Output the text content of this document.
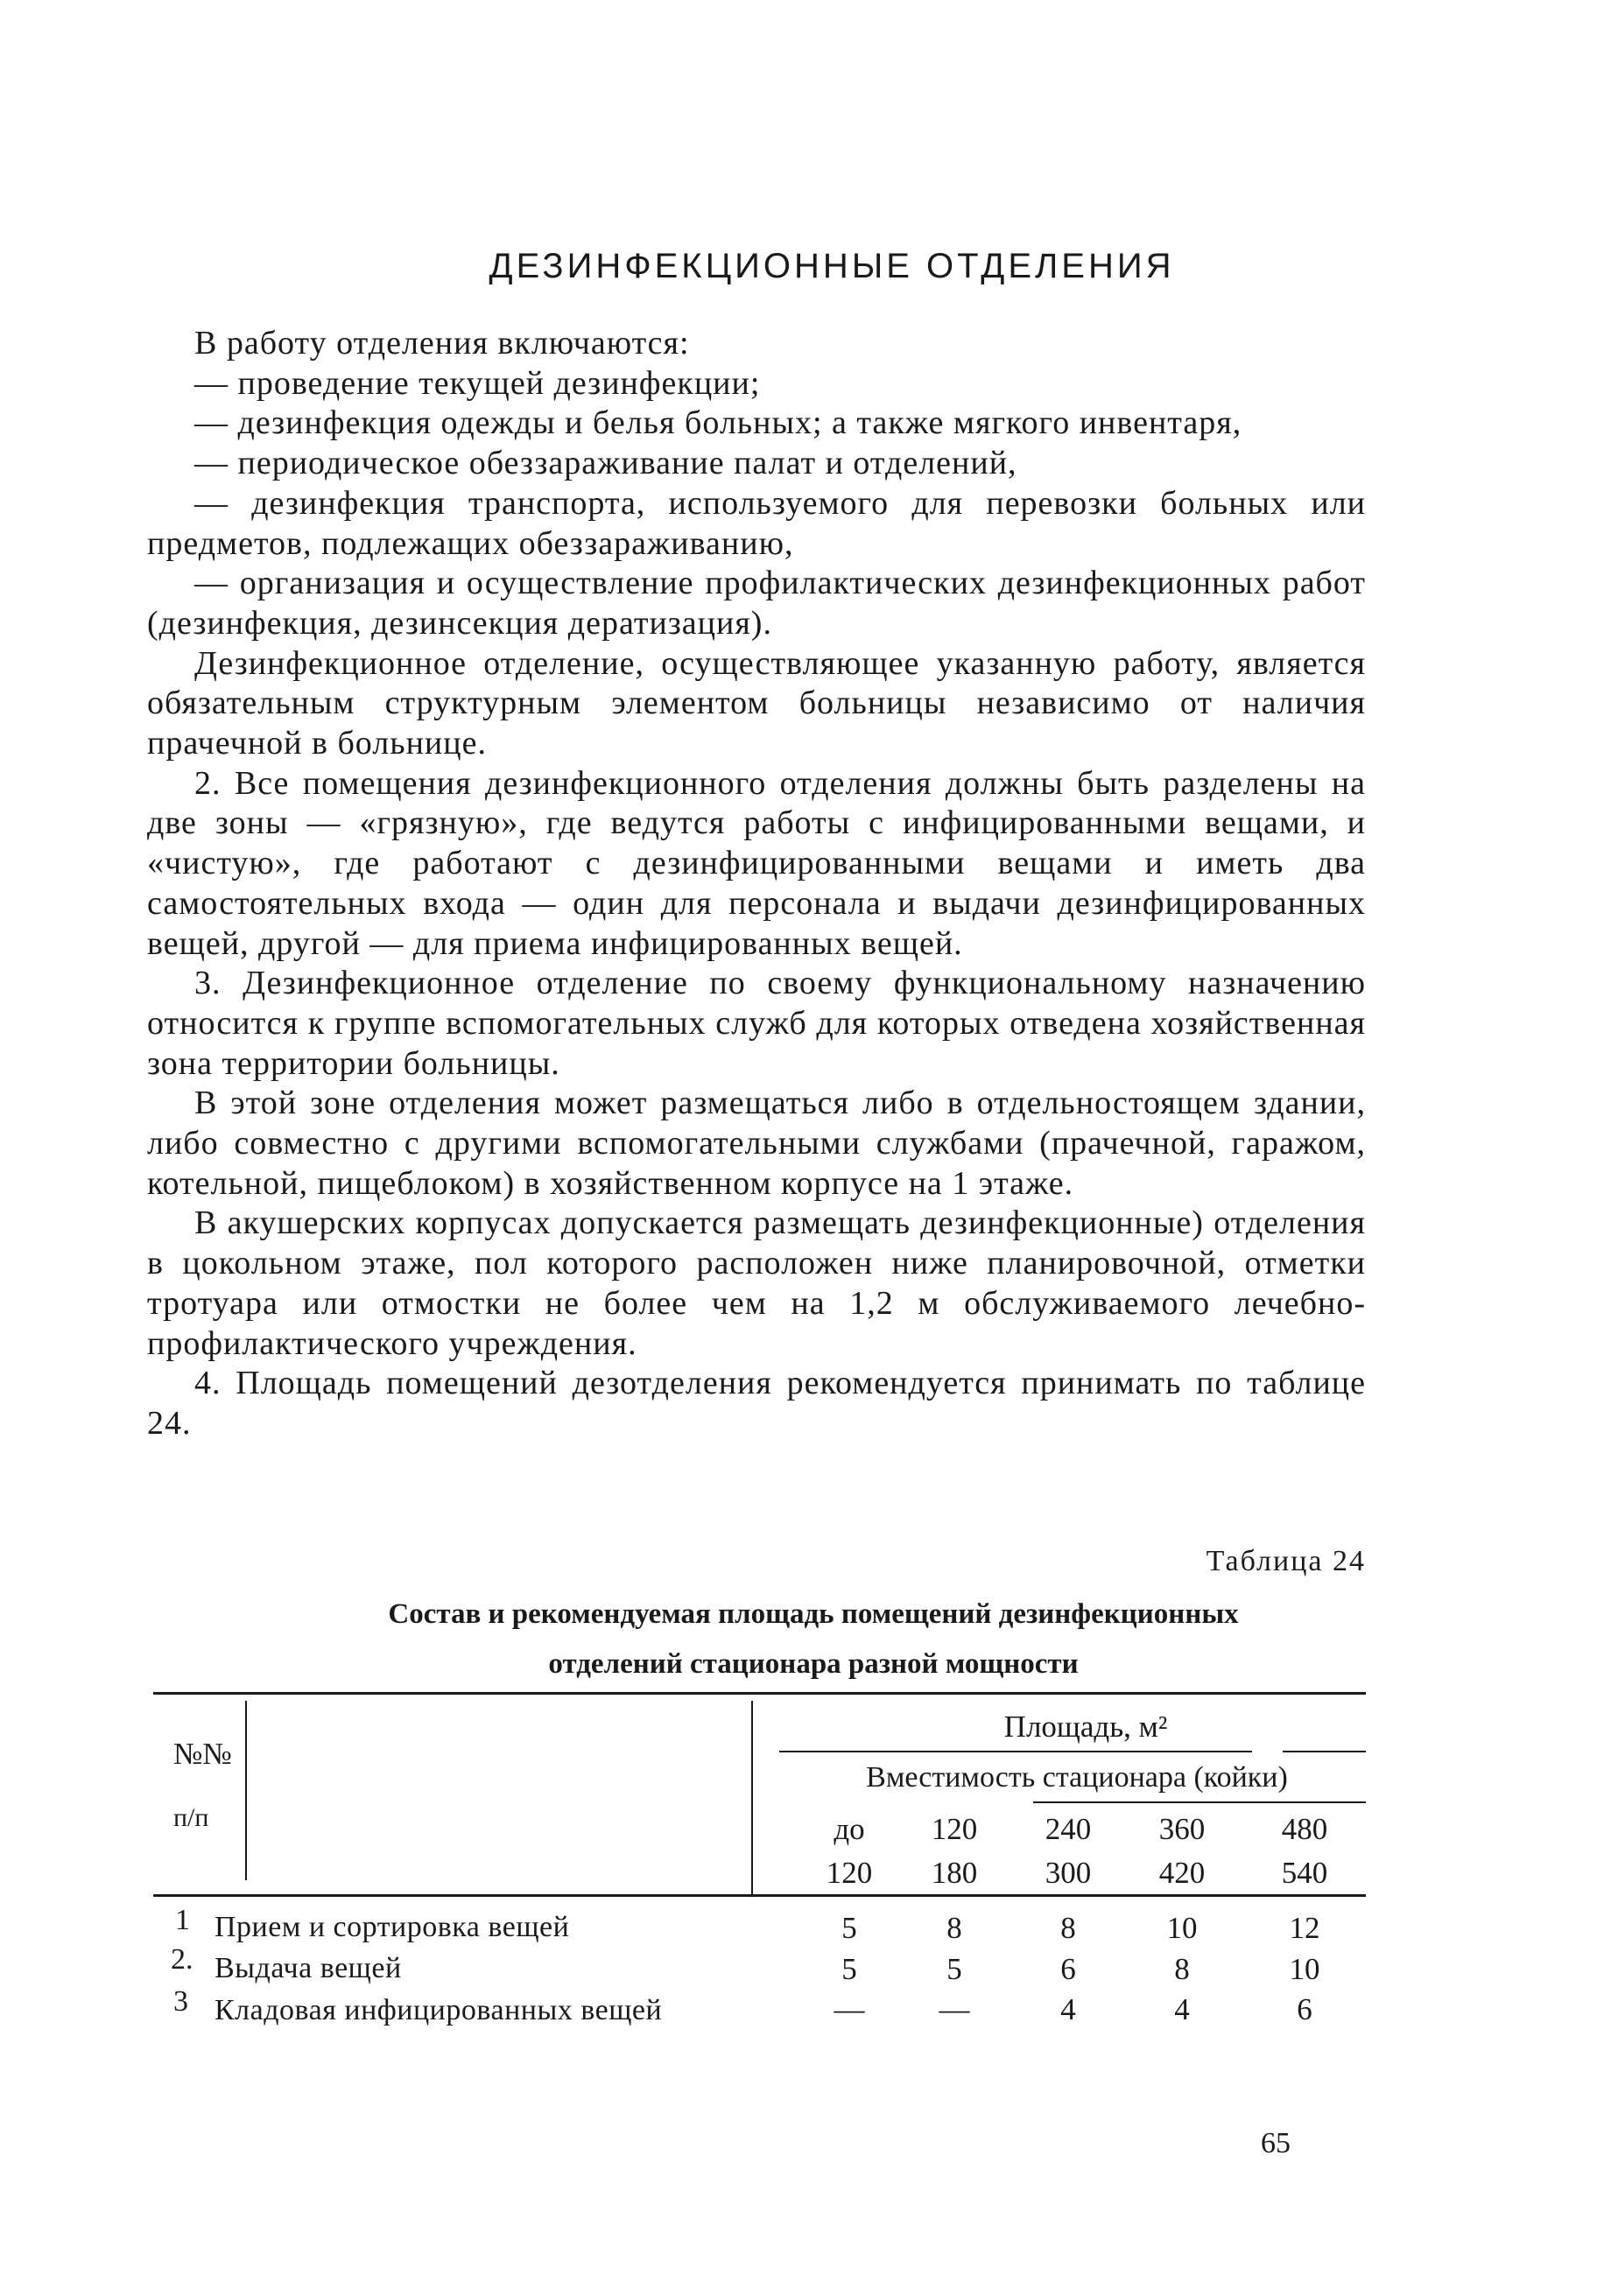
ДЕЗИНФЕКЦИОННЫЕ ОТДЕЛЕНИЯ

В работу отделения включаются:

— проведение текущей дезинфекции;

— дезинфекция одежды и белья больных; а также мягкого инвентаря,

— периодическое обеззараживание палат и отделений,

— дезинфекция транспорта, используемого для перевозки больных или предметов, подлежащих обеззараживанию,

— организация и осуществление профилактических дезинфекционных работ (дезинфекция, дезинсекция дератизация).

Дезинфекционное отделение, осуществляющее указанную работу, является обязательным структурным элементом больницы независимо от наличия прачечной в больнице.

2. Все помещения дезинфекционного отделения должны быть разделены на две зоны — «грязную», где ведутся работы с инфицированными вещами, и «чистую», где работают с дезинфицированными вещами и иметь два самостоятельных входа — один для персонала и выдачи дезинфицированных вещей, другой — для приема инфицированных вещей.

3. Дезинфекционное отделение по своему функциональному назначению относится к группе вспомогательных служб для которых отведена хозяйственная зона территории больницы.

В этой зоне отделения может размещаться либо в отдельностоящем здании, либо совместно с другими вспомогательными службами (прачечной, гаражом, котельной, пищеблоком) в хозяйственном корпусе на 1 этаже.

В акушерских корпусах допускается размещать дезинфекционные) отделения в цокольном этаже, пол которого расположен ниже планировочной, отметки тротуара или отмостки не более чем на 1,2 м обслуживаемого лечебно-профилактического учреждения.

4. Площадь помещений дезотделения рекомендуется принимать по таблице 24.

Таблица 24
Состав и рекомендуемая площадь помещений дезинфекционных
отделений стационара разной мощности
№№
п/п
Площадь, м²
Вместимость стационара (койки)
до	120	240	360	480
120	180	300	420	540
1 Прием и сортировка вещей	5	8	8	10	12
2. Выдача вещей	5	5	6	8	10
3 Кладовая инфицированных вещей	—	—	4	4	6
65
